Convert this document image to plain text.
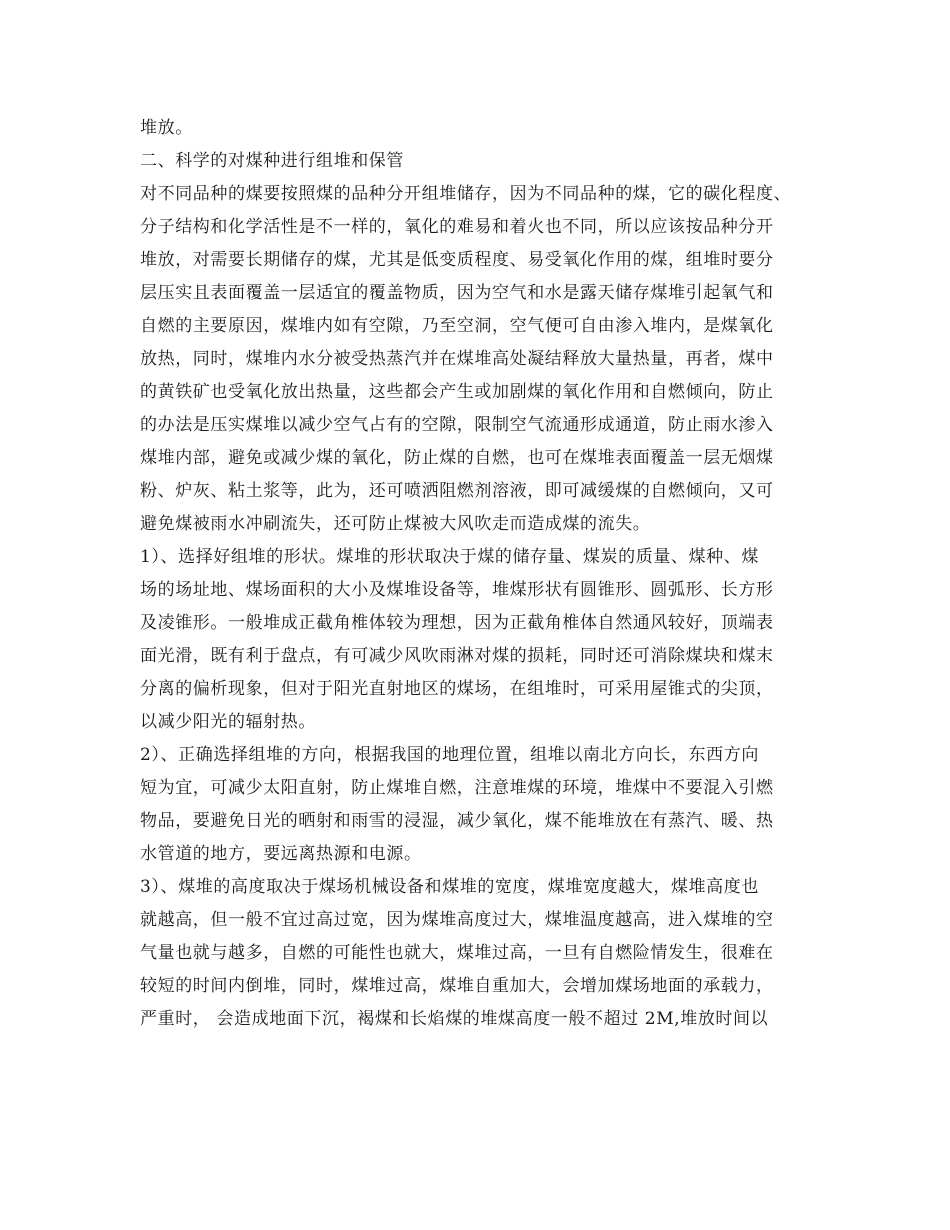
堆放。
二、科学的对煤种进行组堆和保管
对不同品种的煤要按照煤的品种分开组堆储存，因为不同品种的煤，它的碳化程度、
分子结构和化学活性是不一样的，氧化的难易和着火也不同，所以应该按品种分开
堆放，对需要长期储存的煤，尤其是低变质程度、易受氧化作用的煤，组堆时要分
层压实且表面覆盖一层适宜的覆盖物质，因为空气和水是露天储存煤堆引起氧气和
自燃的主要原因，煤堆内如有空隙，乃至空洞，空气便可自由渗入堆内，是煤氧化
放热，同时，煤堆内水分被受热蒸汽并在煤堆高处凝结释放大量热量，再者，煤中
的黄铁矿也受氧化放出热量，这些都会产生或加剧煤的氧化作用和自燃倾向，防止
的办法是压实煤堆以减少空气占有的空隙，限制空气流通形成通道，防止雨水渗入
煤堆内部，避免或减少煤的氧化，防止煤的自燃，也可在煤堆表面覆盖一层无烟煤
粉、炉灰、粘土浆等，此为，还可喷洒阻燃剂溶液，即可减缓煤的自燃倾向，又可
避免煤被雨水冲刷流失，还可防止煤被大风吹走而造成煤的流失。
1）、选择好组堆的形状。煤堆的形状取决于煤的储存量、煤炭的质量、煤种、煤
场的场址地、煤场面积的大小及煤堆设备等，堆煤形状有圆锥形、圆弧形、长方形
及凌锥形。一般堆成正截角椎体较为理想，因为正截角椎体自然通风较好，顶端表
面光滑，既有利于盘点，有可减少风吹雨淋对煤的损耗，同时还可消除煤块和煤末
分离的偏析现象，但对于阳光直射地区的煤场，在组堆时，可采用屋锥式的尖顶，
以减少阳光的辐射热。
2）、正确选择组堆的方向，根据我国的地理位置，组堆以南北方向长，东西方向
短为宜，可减少太阳直射，防止煤堆自燃，注意堆煤的环境，堆煤中不要混入引燃
物品，要避免日光的晒射和雨雪的浸湿，减少氧化，煤不能堆放在有蒸汽、暖、热
水管道的地方，要远离热源和电源。
3）、煤堆的高度取决于煤场机械设备和煤堆的宽度，煤堆宽度越大，煤堆高度也
就越高，但一般不宜过高过宽，因为煤堆高度过大，煤堆温度越高，进入煤堆的空
气量也就与越多，自燃的可能性也就大，煤堆过高，一旦有自燃险情发生，很难在
较短的时间内倒堆，同时，煤堆过高，煤堆自重加大，会增加煤场地面的承载力，
严重时， 会造成地面下沉，褐煤和长焰煤的堆煤高度一般不超过 2M,堆放时间以
